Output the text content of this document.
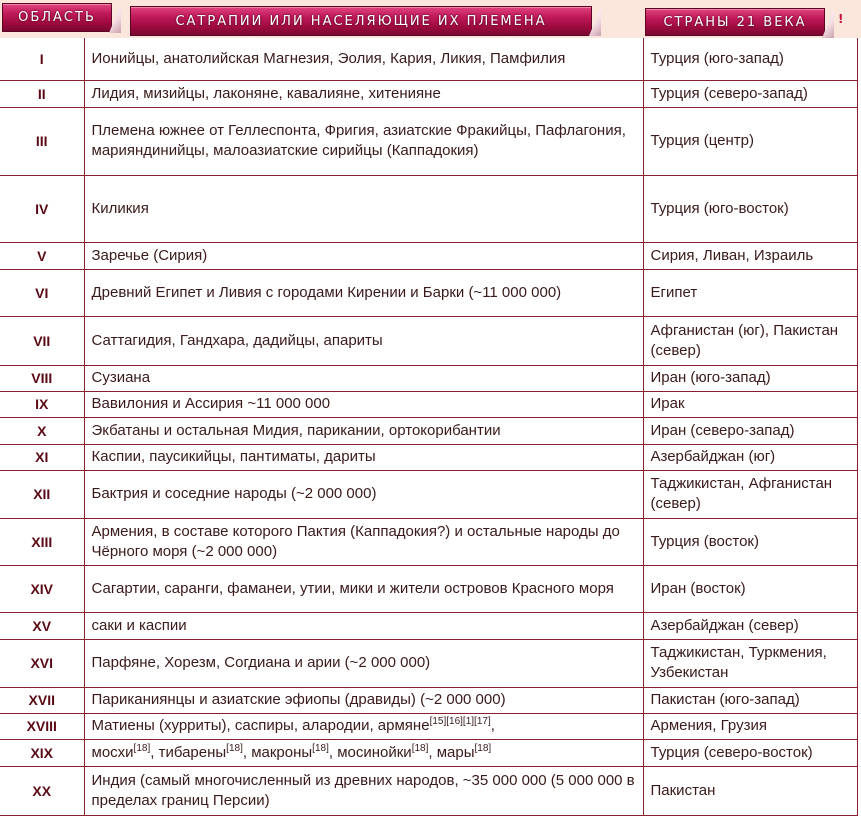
ОБЛАСТЬ	САТРАПИИ ИЛИ НАСЕЛЯЮЩИЕ ИХ ПЛЕМЕНА	СТРАНЫ 21 ВЕКА	!
I	Ионийцы, анатолийская Магнезия, Эолия, Кария, Ликия, Памфилия	Турция (юго-запад)
II	Лидия, мизийцы, лаконяне, кавалияне, хитенияне	Турция (северо-запад)
III	Племена южнее от Геллеспонта, Фригия, азиатские Фракийцы, Пафлагония, марияндинийцы, малоазиатские сирийцы (Каппадокия)	Турция (центр)
IV	Киликия	Турция (юго-восток)
V	Заречье (Сирия)	Сирия, Ливан, Израиль
VI	Древний Египет и Ливия с городами Кирении и Барки (~11 000 000)	Египет
VII	Саттагидия, Гандхара, дадийцы, апариты	Афганистан (юг), Пакистан (север)
VIII	Сузиана	Иран (юго-запад)
IX	Вавилония и Ассирия ~11 000 000	Ирак
X	Экбатаны и остальная Мидия, парикании, ортокорибантии	Иран (северо-запад)
XI	Каспии, паусикийцы, пантиматы, дариты	Азербайджан (юг)
XII	Бактрия и соседние народы (~2 000 000)	Таджикистан, Афганистан (север)
XIII	Армения, в составе которого Пактия (Каппадокия?) и остальные народы до Чёрного моря (~2 000 000)	Турция (восток)
XIV	Сагартии, саранги, фаманеи, утии, мики и жители островов Красного моря	Иран (восток)
XV	саки и каспии	Азербайджан (север)
XVI	Парфяне, Хорезм, Согдиана и арии (~2 000 000)	Таджикистан, Туркмения, Узбекистан
XVII	Париканиянцы и азиатские эфиопы (дравиды) (~2 000 000)	Пакистан (юго-запад)
XVIII	Матиены (хурриты), саспиры, алародии, армяне[15][16][1][17],	Армения, Грузия
XIX	мосхи[18], тибарены[18], макроны[18], мосинойки[18], мары[18]	Турция (северо-восток)
XX	Индия (самый многочисленный из древних народов, ~35 000 000 (5 000 000 в пределах границ Персии)	Пакистан
